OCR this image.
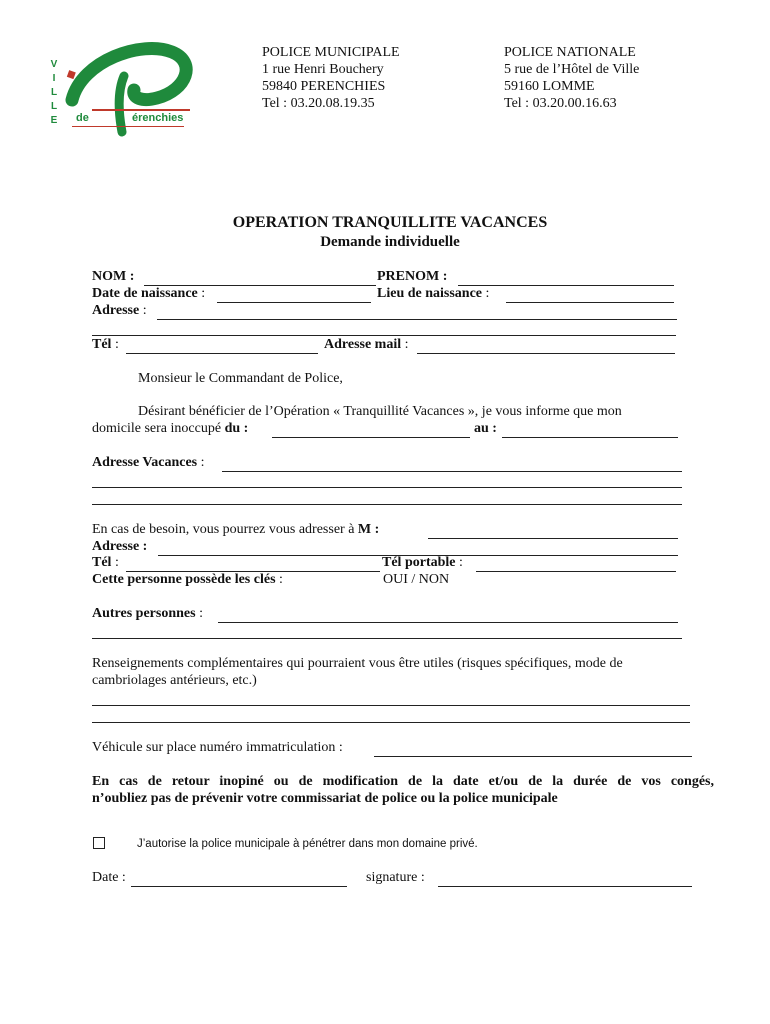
V
I
L
L
E de	érenchies
POLICE MUNICIPALE
1 rue Henri Bouchery
59840 PERENCHIES
Tel : 03.20.08.19.35
POLICE NATIONALE
5 rue de l’Hôtel de Ville
59160 LOMME
Tel : 03.20.00.16.63
OPERATION TRANQUILLITE VACANCES
Demande individuelle
NOM :	PRENOM :
Date de naissance :	Lieu de naissance :
Adresse :
Tél :	Adresse mail :
Monsieur le Commandant de Police,
Désirant bénéficier de l’Opération « Tranquillité Vacances », je vous informe que mon
domicile sera inoccupé du :	au :
Adresse Vacances :
En cas de besoin, vous pourrez vous adresser à M :
Adresse :
Tél :	Tél portable :
Cette personne possède les clés :	OUI / NON
Autres personnes :
Renseignements complémentaires qui pourraient vous être utiles (risques spécifiques, mode de
cambriolages antérieurs, etc.)
Véhicule sur place numéro immatriculation :
En cas de retour inopiné ou de modification de la date et/ou de la durée de vos congés,
n’oubliez pas de prévenir votre commissariat de police ou la police municipale
J’autorise la police municipale à pénétrer dans mon domaine privé.
Date :	signature :
